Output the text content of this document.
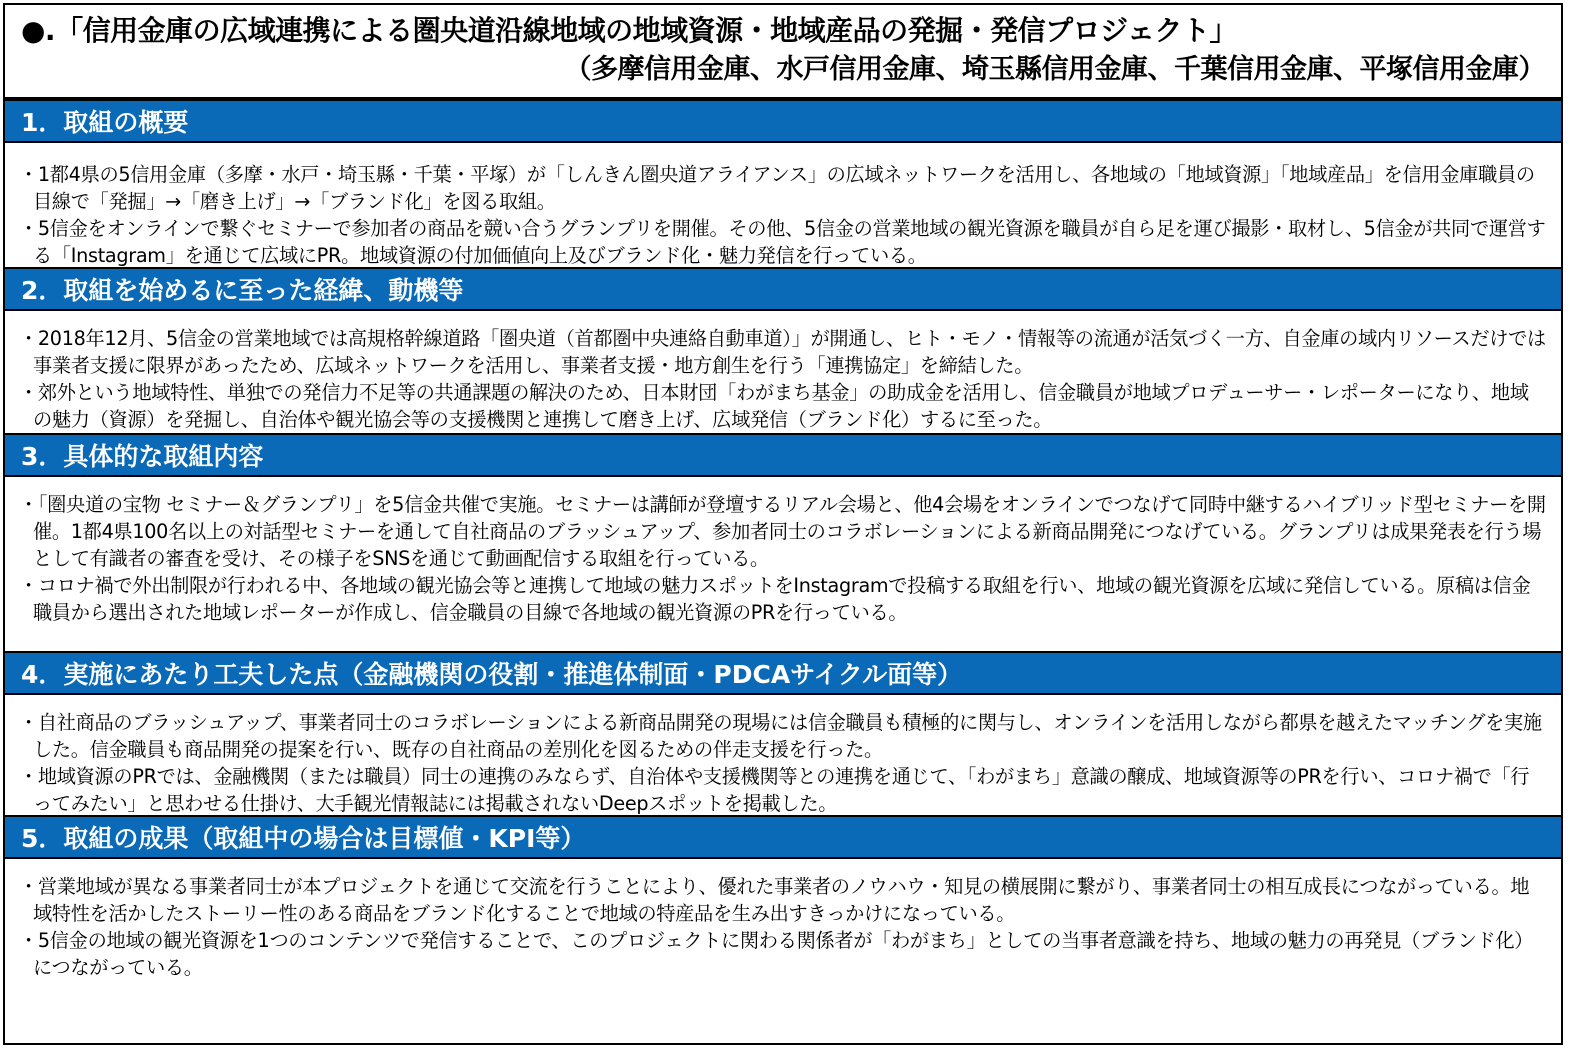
●.「信用金庫の広域連携による圏央道沿線地域の地域資源・地域産品の発掘・発信プロジェクト」
（多摩信用金庫、水戸信用金庫、埼玉縣信用金庫、千葉信用金庫、平塚信用金庫）
1．取組の概要
・1都4県の5信用金庫（多摩・水戸・埼玉縣・千葉・平塚）が「しんきん圏央道アライアンス」の広域ネットワークを活用し、各地域の「地域資源」「地域産品」を信用金庫職員の目線で「発掘」→「磨き上げ」→「ブランド化」を図る取組。
・5信金をオンラインで繋ぐセミナーで参加者の商品を競い合うグランプリを開催。その他、5信金の営業地域の観光資源を職員が自ら足を運び撮影・取材し、5信金が共同で運営する「Instagram」を通じて広域にPR。地域資源の付加価値向上及びブランド化・魅力発信を行っている。
2．取組を始めるに至った経緯、動機等
・2018年12月、5信金の営業地域では高規格幹線道路「圏央道（首都圏中央連絡自動車道）」が開通し、ヒト・モノ・情報等の流通が活気づく一方、自金庫の域内リソースだけでは事業者支援に限界があったため、広域ネットワークを活用し、事業者支援・地方創生を行う「連携協定」を締結した。
・郊外という地域特性、単独での発信力不足等の共通課題の解決のため、日本財団「わがまち基金」の助成金を活用し、信金職員が地域プロデューサー・レポーターになり、地域の魅力（資源）を発掘し、自治体や観光協会等の支援機関と連携して磨き上げ、広域発信（ブランド化）するに至った。
3．具体的な取組内容
・「圏央道の宝物 セミナー＆グランプリ」を5信金共催で実施。セミナーは講師が登壇するリアル会場と、他4会場をオンラインでつなげて同時中継するハイブリッド型セミナーを開催。1都4県100名以上の対話型セミナーを通して自社商品のブラッシュアップ、参加者同士のコラボレーションによる新商品開発につなげている。グランプリは成果発表を行う場として有識者の審査を受け、その様子をSNSを通じて動画配信する取組を行っている。
・コロナ禍で外出制限が行われる中、各地域の観光協会等と連携して地域の魅力スポットをInstagramで投稿する取組を行い、地域の観光資源を広域に発信している。原稿は信金職員から選出された地域レポーターが作成し、信金職員の目線で各地域の観光資源のPRを行っている。
4．実施にあたり工夫した点（金融機関の役割・推進体制面・PDCAサイクル面等）
・自社商品のブラッシュアップ、事業者同士のコラボレーションによる新商品開発の現場には信金職員も積極的に関与し、オンラインを活用しながら都県を越えたマッチングを実施した。信金職員も商品開発の提案を行い、既存の自社商品の差別化を図るための伴走支援を行った。
・地域資源のPRでは、金融機関（または職員）同士の連携のみならず、自治体や支援機関等との連携を通じて、「わがまち」意識の醸成、地域資源等のPRを行い、コロナ禍で「行ってみたい」と思わせる仕掛け、大手観光情報誌には掲載されないDeepスポットを掲載した。
5．取組の成果（取組中の場合は目標値・KPI等）
・営業地域が異なる事業者同士が本プロジェクトを通じて交流を行うことにより、優れた事業者のノウハウ・知見の横展開に繋がり、事業者同士の相互成長につながっている。地域特性を活かしたストーリー性のある商品をブランド化することで地域の特産品を生み出すきっかけになっている。
・5信金の地域の観光資源を1つのコンテンツで発信することで、このプロジェクトに関わる関係者が「わがまち」としての当事者意識を持ち、地域の魅力の再発見（ブランド化）につながっている。
